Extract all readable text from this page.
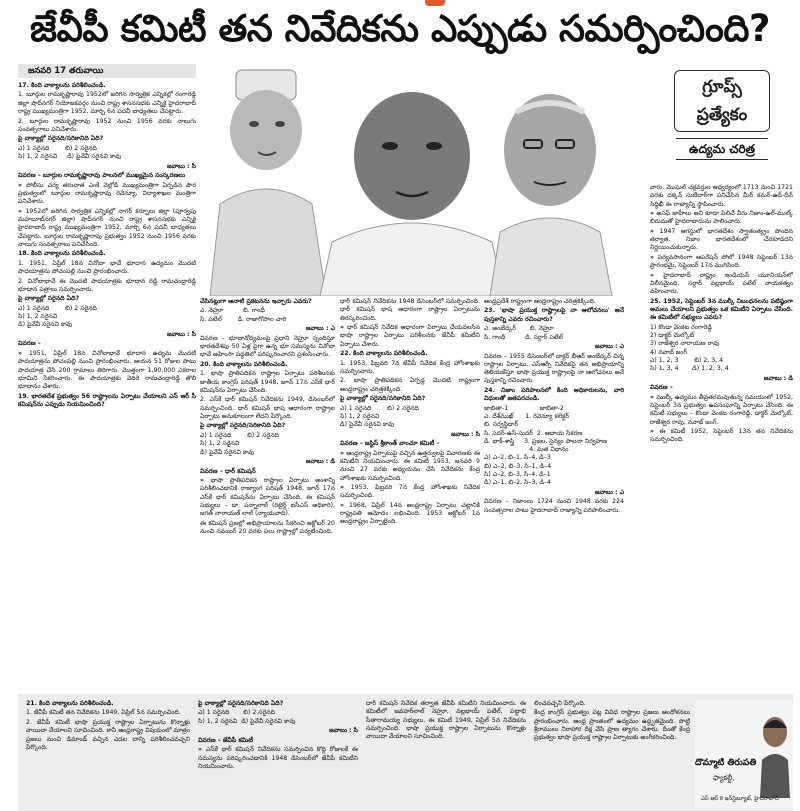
జేవీపీ కమిటీ తన నివేదికను ఎప్పుడు సమర్పించింది?
జనవరి 17 తరువాయి

17. కింది వాక్యాలను పరిశీలించండి.

1. బూర్గుల రామకృష్ణారావు 1952లో జరిగిన సార్వత్రిక ఎన్నికల్లో రంగారెడ్డి జిల్లా షాద్‌నగర్ నియోజకవర్గం నుంచి రాష్ట్ర శాసనసభకు ఎన్నికై హైదరాబాద్ రాష్ట్ర ముఖ్యమంత్రిగా 1952, మార్చి 6న పదవీ బాధ్యతలు చేపట్టారు.

2. బూర్గుల రామకృష్ణారావు 1952 నుంచి 1956 వరకు నాలుగు సంవత్సరాలు పనిచేశారు.

పై వాక్యాల్లో సరైనది/సరికానిది ఏది?

ఎ) 1 సరైనది        బి) 2 సరైనది
సి) 1, 2 సరైనవి     డి) పైవేవీ సరైనవి కావు

జవాబు : సి

వివరణ – బూర్గుల రామకృష్ణారావు పాలనలో ముఖ్యమైన సంస్కరణలు

» పోలీసు చర్య తరువాత ఎంకే వెల్లోడి ముఖ్యమంత్రిగా ఏర్పడిన పౌర ప్రభుత్వంలో బూర్గుల రామకృష్ణారావు రెవెన్యూ, విద్యాశాఖల మంత్రిగా పనిచేశారు.

» 1952లో జరిగిన సార్వత్రిక ఎన్నికల్లో నాగర్ కర్నూలు జిల్లా (పూర్వపు మహబూబ్‌నగర్ జిల్లా) షాద్‌నగర్ నుంచి రాష్ట్ర శాసనసభకు ఎన్నికై హైదరాబాద్ రాష్ట్ర ముఖ్యమంత్రిగా 1952, మార్చి 6న పదవీ బాధ్యతలు చేపట్టారు. బూర్గుల రామకృష్ణారావు ప్రభుత్వం 1952 నుంచి 1956 వరకు నాలుగు సంవత్సరాలు పనిచేసింది.

18. కింది వాక్యాలను పరిశీలించండి.

1. 1951, ఏప్రిల్ 18న వినోబా భావే భూదాన ఉద్యమం మొదటి పాదయాత్రను పోచంపల్లి నుంచి ప్రారంభించారు.

2. వినోబాభావే ఈ మొదటి పాదయాత్రకు భూదాన రెడ్డి రామచంద్రారెడ్డి భూదాన పత్రాలు సమర్పించారు.

పై వాక్యాల్లో సరైనది ఏది?

ఎ) 1 సరైనది        బి) 2 సరైనది
సి) 1, 2 సరైనవి
డి) పైవేవీ సరైనవి కావు

జవాబు : సి

వివరణ –

» 1951, ఏప్రిల్ 18న వినోబాభావే భూదాన ఉద్యమ మొదటి పాదయాత్రను పోచంపల్లి నుంచి ప్రారంభించారు. ఆయన 51 రోజుల పాటు పాదయాత్ర చేసి 200 గ్రామాలు తిరిగారు. మొత్తంగా 1,90,000 ఎకరాల భూమిని సేకరించారు. ఈ పాదయాత్రకు వెదిరె రామచంద్రారెడ్డి తొలి భూదానం చేశారు.

19. భారతదేశ ప్రభుత్వం 56 రాష్ట్రాలను ఏర్పాటు చేయాలని ఎస్ ఆర్ సీ కమిషన్‌ను ఎప్పుడు నియమించింది?

గ్రూప్స్ ప్రత్యేకం
ఉద్యమ చరిత్ర

చేసినట్లుగా ఆనాటి ప్రకటనను ఇచ్చారు ఎవరు?

ఎ. నెహ్రూ          బి. గాంధీ
సి. పటేల్        డి. రాజాగోపాల చారి

జవాబు : ఎ

వివరణ – భూదానోద్యమంపై ప్రధాని నెహ్రూ స్పందిస్తూ భారతదేశపు 50 ఏళ్ల పైగా ఉన్న భూ సమస్యను వినోబా భావే అహింసా పద్ధతిలో పరిష్కరించారని ప్రశంసించారు.

20. కింది వాక్యాలను పరిశీలించండి.

1. భాషా ప్రాతిపదికన రాష్ట్రాల ఏర్పాటు పరిశీలనకు జాతీయ కాంగ్రెస్ పరిషత్ 1948, జూన్ 17న ఎస్‌కే ధార్ కమిషన్‌ను ఏర్పాటు చేసింది.

2. ఎస్‌కే ధార్ కమిషన్ నివేదికను 1949, డిసెంబర్‌లో సమర్పించింది. ధార్ కమిషన్ భాష ఆధారంగా రాష్ట్రాల ఏర్పాటు అనుకూలంగా లేదని పేర్కొంది.

పై వాక్యాల్లో సరైనది/సరికానిది ఏది?

ఎ) 1 సరైనది        బి) 2 సరైనది
సి) 1, 2 సరైనవి
డి) పైవేవీ సరైనవి కావు

జవాబు : డి

వివరణ – ధార్ కమిషన్

» భాషా ప్రాతిపదికన రాష్ట్రాల ఏర్పాటు అంశాన్ని పరిశీలించడానికి రాజ్యాంగ పరిషత్ 1948, జూన్ 17న ఎస్‌కే ధార్ కమిషన్‌ను ఏర్పాటు చేసింది. ఈ కమిషన్ సభ్యులు – డా. పన్నాలాల్ (రిటైర్డ్ ఐసీఎస్ అధికారి), జగత్ నారాయణ్ లాల్ (న్యాయవాది).

ఈ కమిషన్ ప్రజల్లో అభిప్రాయాలను సేకరించి అక్టోబర్ 20 నుంచి నవంబర్ 20 వరకు పలు రాష్ట్రాల్లో పర్యటించింది.

ధార్ కమిషన్ నివేదికను 1948 డిసెంబర్‌లో సమర్పించింది. ధార్ కమిషన్ భాష ఆధారంగా రాష్ట్రాల ఏర్పాటును తిరస్కరించింది.

» ధార్ కమిషన్ నివేదిక ఆధారంగా ఏర్పాటు చేయవలసిన భాషా రాష్ట్రాల ఏర్పాటు పరిశీలనకు జేవీపీ కమిటీని ఏర్పాటు చేశారు.

22. కింది వాక్యాలను పరిశీలించండి.

1. 1953, ఫిబ్రవరి 7న జేవీపీ నివేదిక కేంద్ర హోంశాఖకు సమర్పించారు.

2. భాషా ప్రాతిపదికన ఏర్పడ్డ మొదటి రాష్ట్రంగా ఆంధ్రరాష్ట్రం చరిత్రకెక్కింది.

పై వాక్యాల్లో సరైనది/సరికానిది ఏది?

ఎ) 1 సరైనది        బి) 2 సరైనది
సి) 1, 2 సరైనవి
డి) పైవేవీ సరైనవి కావు

జవాబు : సి

వివరణ – జస్టిస్ శ్రీకాంత్ వాంచూ కమిటీ –

» ఆంధ్రరాష్ట్ర ఏర్పాటుపై వచ్చిన ఉత్తర్వులపై విచారణకు ఈ కమిటీని నియమించారు. ఈ కమిటీ 1953, జనవరి 9 నుంచి 27 వరకు అధ్యయనం చేసి నివేదికను కేంద్ర హోంశాఖకు సమర్పించింది.

» 1953, ఫిబ్రవరి 7న కేంద్ర హోంశాఖకు నివేదిక సమర్పించింది.

» 1968, ఏప్రిల్ 14న ఆంధ్రరాష్ట్ర ఏర్పాటు చట్టానికి రాష్ట్రపతి ఆమోదం లభించింది. 1953 అక్టోబర్ 1న ఆంధ్రరాష్ట్రం ఏర్పాటైంది.

ఆంధ్రప్రదేశ్ రాష్ట్రంగా ఆంధ్రరాష్ట్రం చరిత్రకెక్కింది.

23. 'భాషా ప్రయుక్త రాష్ట్రాలపై నా ఆలోచనలు' అనే పుస్తకాన్ని ఎవరు రచించారు?

ఎ. అంబేద్కర్       బి. నెహ్రూ
సి. గాంధీ          డి. సర్దార్ పటేల్

జవాబు : ఎ

వివరణ – 1955 డిసెంబర్‌లో డాక్టర్ బీఆర్ అంబేద్కర్ చిన్న రాష్ట్రాల ఏర్పాటు, ఎస్ఆర్సీ నివేదికపై తన అభిప్రాయాన్ని తెలియజేస్తూ భాషా ప్రయుక్త రాష్ట్రాలపై నా ఆలోచనలు అనే పుస్తకాన్ని రచించారు.

24. నిజాం పరిపాలనలో కింది అధికారులను, వారి విధులతో జతపరచండి.

జాబితా-1                జాబితా-2
ఎ. దేశ్‌ముఖ్      1. రెవెన్యూ కలెక్టర్
బి. సర్వస్థిదార్
సి. సదర్-ఉస్-సుదర్  2. ఆదాయ సేకరణ
డి. భాక్-శాస్త్రి     3. ప్రజల, సైన్యం పాలనా నిర్వహణ
4. మత విధానం
ఎ) ఎ–2, బి–1, సి–4, డి–3
బి) ఎ–2, బి–3, సి–1, డి–4
సి) ఎ–2, బి–3, సి–4, డి–1
డి) ఎ–1, బి–2, సి–3, డి–4

జవాబు : ఎ

వివరణ – నిజాంలు 1724 నుంచి 1948 వరకు 224 సంవత్సరాల పాటు హైదరాబాద్ రాజ్యాన్ని పరిపాలించారు.

వారు. మొఘల్ చక్రవర్తుల ఆధ్వర్యంలో 1713 నుంచి 1721 వరకు దక్కన్ సుబేదార్‌గా పనిచేసిన మీర్ కమర్-ఉద్-దీన్ సిద్ధిఖీ ఈ రాజ్యాన్ని స్థాపించారు.

» అసఫ్ జాహీలు అని కూడా పిలిచే వీరు నిజాం-ఉల్-ముల్క్ బిరుదుతో హైదరాబాదును పాలించారు.

» 1947 ఆగస్టులో భారతదేశం స్వాతంత్య్రం పొందిన తర్వాత, నిజాం భారతదేశంలో చేరకూడదని నిర్ణయించుకున్నారు.

» పర్యవసానంగా ఆపరేషన్ పోలో 1948 సెప్టెంబర్ 13న ప్రారంభమై, సెప్టెంబర్ 17న ముగిసింది.

» హైదరాబాద్ రాష్ట్రం ఇండియన్ యూనియన్‌లో విలీనమైంది. సర్దార్ వల్లభాయ్ పటేల్ నాయకత్వం వహించారు.

25. 1952, సెప్టెంబర్ 3న ముల్కీ నిబంధనలను పటిష్ఠంగా అమలు చేయాలని ప్రభుత్వం ఒక కమిటీని ఏర్పాటు చేసింది. ఈ కమిటీలో సభ్యులు ఎవరు?

1) కొండా వెంకట రంగారెడ్డి
2) డాక్టర్ మెల్కోట్
3) రాజేశ్వర నారాయణ రావు
4) నవాబ్ జంగ్
ఎ) 1, 2, 3        బి) 2, 3, 4
సి) 1, 3, 4       డి) 1, 2, 3, 4

జవాబు : డి

వివరణ –

» ముల్కీ ఉద్యమం తీవ్రతరమవుతున్న సమయంలో 1952, సెప్టెంబర్ 3న ప్రభుత్వం ఉపసంఘాన్ని ఏర్పాటు చేసింది. ఈ కమిటీ సభ్యులు – కొండా వెంకట రంగారెడ్డి, డాక్టర్ మెల్కోట్, రాజేశ్వర రావు, నవాబ్ జంగ్.

» ఈ కమిటీ 1952, సెప్టెంబర్ 13న తన నివేదికను సమర్పించింది.

21. కింది వాక్యాలను పరిశీలించండి.

1. జేవీపీ కమిటీ తన నివేదికను 1949, ఏప్రిల్ 5న సమర్పించింది.

2. జేవీపీ కమిటీ భాషా ప్రయుక్త రాష్ట్రాల ఏర్పాటును కొన్నాళ్లు వాయిదా వేయాలని సూచించింది. కానీ ఆంధ్రరాష్ట్ర విషయంలో మాత్రం ప్రజలు నుంచి డిమాండ్ వచ్చిన ఎడల దాన్ని పరిశీలించవచ్చని పేర్కొంది.

పై వాక్యాల్లో సరైనది/సరికానిది ఏది?

ఎ) 1 సరైనది       బి) 2 సరైనది
సి) 1, 2 సరైనవి  డి) పైవేవీ సరైనవి కావు

జవాబు : సి

వివరణ – జేవీపీ కమిటీ

» ఎస్‌కే ధార్ కమిషన్ నివేదికను సమర్పించిన కొద్ది రోజులకే ఈ సమస్యను పరిష్కరించడానికి 1948 డిసెంబర్‌లో జేవీపీ కమిటీని నియమించారు.

దార్ కమిషన్ నివేదిక తర్వాత జేవీపీ కమిటీని నియమించారు. ఈ కమిటీలో జవహర్‌లాల్ నెహ్రూ, వల్లభాయ్ పటేల్, పట్టాభి సీతారామయ్య సభ్యులు. ఈ కమిటీ 1949, ఏప్రిల్ 5న నివేదికను సమర్పించింది. భాషా ప్రయుక్త రాష్ట్రాల ఏర్పాటును కొన్నాళ్లు వాయిదా వేయాలని సూచించింది.

లించవచ్చని పేర్కొంది.

కేంద్ర కాంగ్రెస్ ప్రభుత్వం పట్ల వివిధ రాష్ట్రాల ప్రజలు ఆందోళనలు ప్రారంభించారు. ఆంధ్ర ప్రాంతంలో ఉద్యమం ఉద్ధృతమైంది. పొట్టి శ్రీరాములు నిరాహార దీక్ష చేసి ప్రాణ త్యాగం చేశారు. దీంతో కేంద్ర ప్రభుత్వం భాషా ప్రయుక్త రాష్ట్రాల ఏర్పాటుకు అంగీకరించింది.

దొమ్మాటి తిరుపతి
ఫ్యాకల్టీ,
ఎస్ ఆర్ కె ఇన్‌స్టిట్యూట్, హైదరాబాద్
